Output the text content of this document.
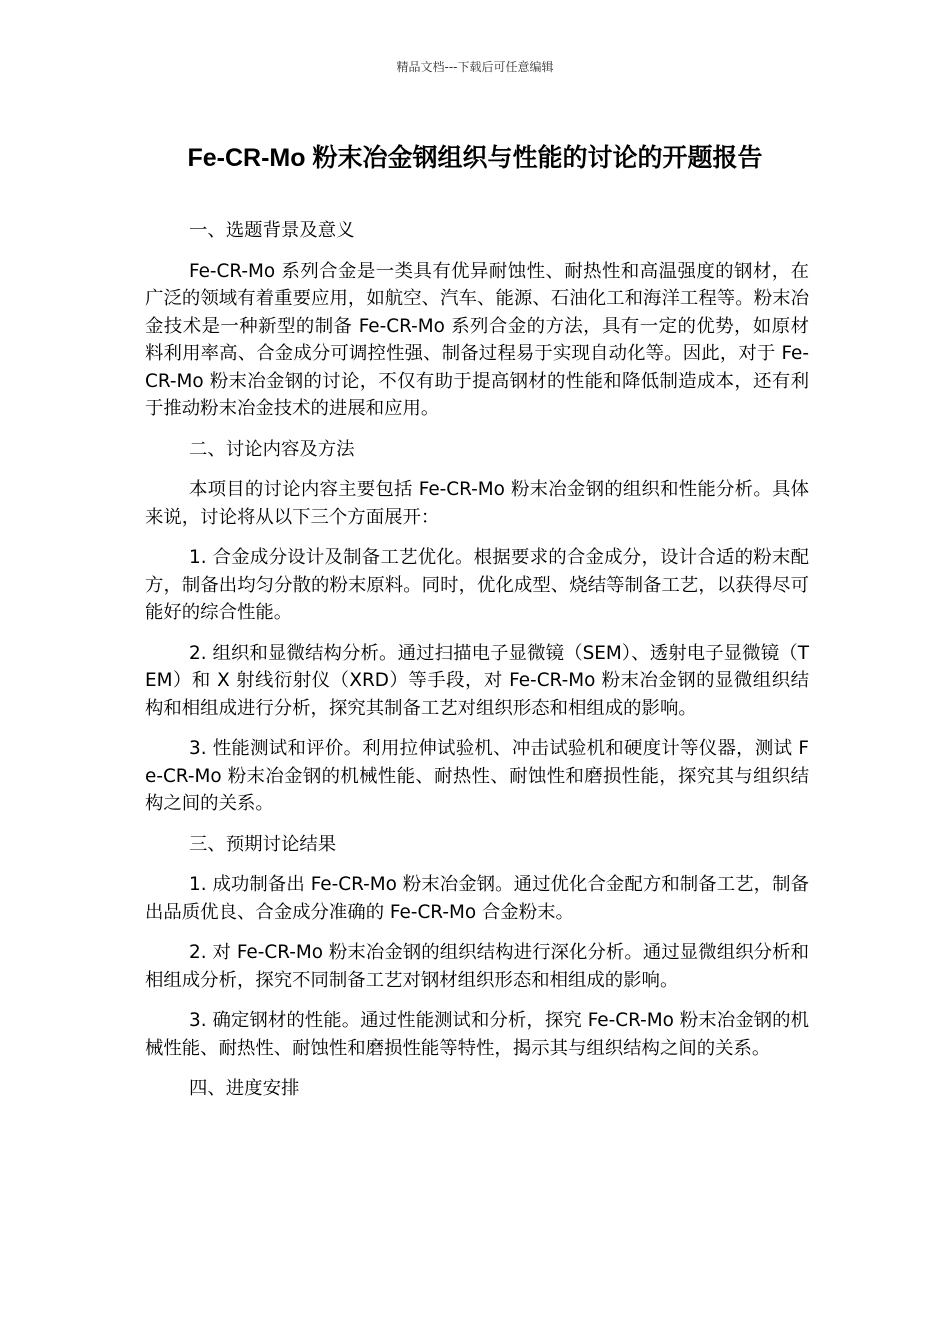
精品文档---下载后可任意编辑
Fe-CR-Mo 粉末冶金钢组织与性能的讨论的开题报告

一、选题背景及意义

Fe-CR-Mo 系列合金是一类具有优异耐蚀性、耐热性和高温强度的钢材，在广泛的领域有着重要应用，如航空、汽车、能源、石油化工和海洋工程等。粉末冶金技术是一种新型的制备 Fe-CR-Mo 系列合金的方法，具有一定的优势，如原材料利用率高、合金成分可调控性强、制备过程易于实现自动化等。因此，对于 Fe-CR-Mo 粉末冶金钢的讨论，不仅有助于提高钢材的性能和降低制造成本，还有利于推动粉末冶金技术的进展和应用。

二、讨论内容及方法

本项目的讨论内容主要包括 Fe-CR-Mo 粉末冶金钢的组织和性能分析。具体来说，讨论将从以下三个方面展开：

1. 合金成分设计及制备工艺优化。根据要求的合金成分，设计合适的粉末配方，制备出均匀分散的粉末原料。同时，优化成型、烧结等制备工艺，以获得尽可能好的综合性能。

2. 组织和显微结构分析。通过扫描电子显微镜（SEM）、透射电子显微镜（TEM）和 X 射线衍射仪（XRD）等手段，对 Fe-CR-Mo 粉末冶金钢的显微组织结构和相组成进行分析，探究其制备工艺对组织形态和相组成的影响。

3. 性能测试和评价。利用拉伸试验机、冲击试验机和硬度计等仪器，测试 Fe-CR-Mo 粉末冶金钢的机械性能、耐热性、耐蚀性和磨损性能，探究其与组织结构之间的关系。

三、预期讨论结果

1. 成功制备出 Fe-CR-Mo 粉末冶金钢。通过优化合金配方和制备工艺，制备出品质优良、合金成分准确的 Fe-CR-Mo 合金粉末。

2. 对 Fe-CR-Mo 粉末冶金钢的组织结构进行深化分析。通过显微组织分析和相组成分析，探究不同制备工艺对钢材组织形态和相组成的影响。

3. 确定钢材的性能。通过性能测试和分析，探究 Fe-CR-Mo 粉末冶金钢的机械性能、耐热性、耐蚀性和磨损性能等特性，揭示其与组织结构之间的关系。

四、进度安排
